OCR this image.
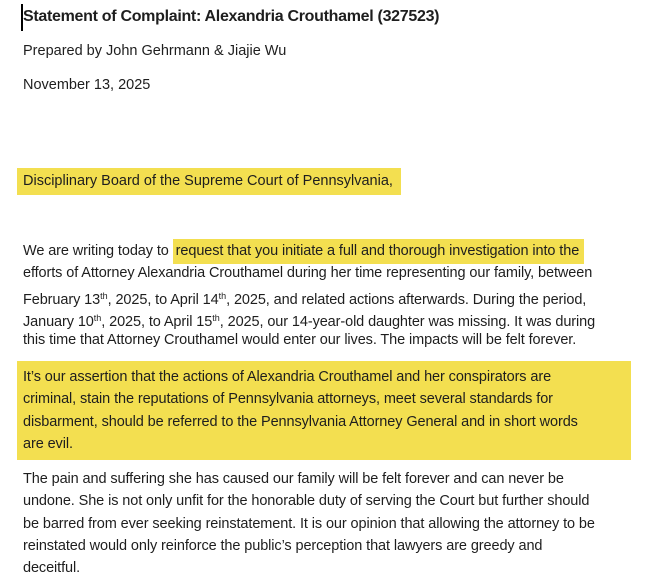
Statement of Complaint: Alexandria Crouthamel (327523)

Prepared by John Gehrmann & Jiajie Wu

November 13, 2025

Disciplinary Board of the Supreme Court of Pennsylvania,
We are writing today to request that you initiate a full and thorough investigation into the
efforts of Attorney Alexandria Crouthamel during her time representing our family, between
February 13th, 2025, to April 14th, 2025, and related actions afterwards. During the period,
January 10th, 2025, to April 15th, 2025, our 14-year-old daughter was missing. It was during
this time that Attorney Crouthamel would enter our lives. The impacts will be felt forever.
It’s our assertion that the actions of Alexandria Crouthamel and her conspirators are
criminal, stain the reputations of Pennsylvania attorneys, meet several standards for
disbarment, should be referred to the Pennsylvania Attorney General and in short words
are evil.
The pain and suffering she has caused our family will be felt forever and can never be
undone. She is not only unfit for the honorable duty of serving the Court but further should
be barred from ever seeking reinstatement. It is our opinion that allowing the attorney to be
reinstated would only reinforce the public’s perception that lawyers are greedy and
deceitful.
